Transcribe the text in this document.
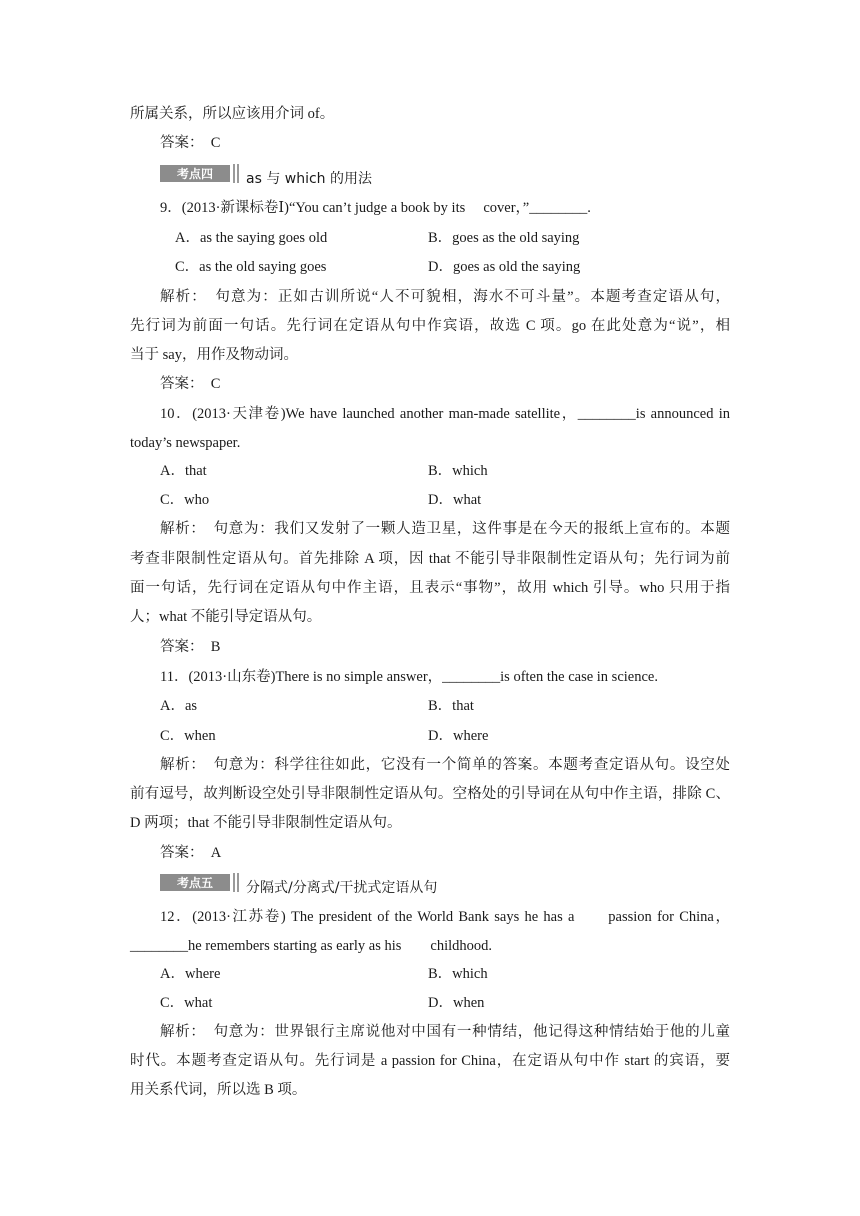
所属关系，所以应该用介词 of。
答案：　C
考点四	as 与 which 的用法
9．(2013·新课标卷Ⅰ)“You can’t judge a book by its　 cover，”________.
A．as the saying goes old	B．goes as the old saying
C．as the old saying goes	D．goes as old the saying
解析：　句意为：正如古训所说“人不可貌相，海水不可斗量”。本题考查定语从句，
先行词为前面一句话。先行词在定语从句中作宾语，故选 C 项。go 在此处意为“说”，相
当于 say，用作及物动词。
答案：　C
10．(2013·天津卷)We have launched another man-made satellite，________is announced in
today’s newspaper.
A．that	B．which
C．who	D．what
解析：　句意为：我们又发射了一颗人造卫星，这件事是在今天的报纸上宣布的。本题
考查非限制性定语从句。首先排除 A 项，因 that 不能引导非限制性定语从句；先行词为前
面一句话，先行词在定语从句中作主语，且表示“事物”，故用 which 引导。who 只用于指
人；what 不能引导定语从句。
答案：　B
11．(2013·山东卷)There is no simple answer，________is often the case in science.
A．as	B．that
C．when	D．where
解析：　句意为：科学往往如此，它没有一个简单的答案。本题考查定语从句。设空处
前有逗号，故判断设空处引导非限制性定语从句。空格处的引导词在从句中作主语，排除 C、
D 两项；that 不能引导非限制性定语从句。
答案：　A
考点五	分隔式/分离式/干扰式定语从句
12．(2013·江苏卷) The president of the World Bank says he has a　　passion for China，
________he remembers starting as early as his　　childhood.
A．where	B．which
C．what	D．when
解析：　句意为：世界银行主席说他对中国有一种情结，他记得这种情结始于他的儿童
时代。本题考查定语从句。先行词是 a passion for China，在定语从句中作 start 的宾语，要
用关系代词，所以选 B 项。
